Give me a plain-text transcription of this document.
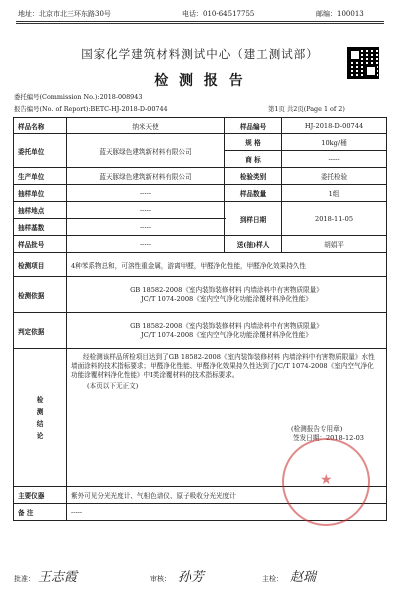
地址：北京市北三环东路30号	电话：010-64517755	邮编：100013
国家化学建筑材料测试中心（建工测试部）
检 测 报 告
委托编号(Commission No.):2018-008943
报告编号(No. of Report):BETC-HJ-2018-D-00744	第1页 共2页(Page 1 of 2)
样品名称	纳米天使	样品编号	HJ-2018-D-00744
委托单位	蓝天豚绿色建筑新材料有限公司	规 格	10kg/桶
		商 标	-----
生产单位	蓝天豚绿色建筑新材料有限公司	检验类别	委托检验
抽样单位	-----	样品数量	1组
抽样地点	-----	到样日期	2018-11-05
抽样基数	-----		
样品批号	-----	送(抽)样人	胡娟平
检测项目	4种苯系物总和，可溶性重金属，游离甲醛，甲醛净化性能，甲醛净化效果持久性		
检测依据	GB 18582-2008《室内装饰装修材料 内墙涂料中有害物质限量》
JC/T 1074-2008《室内空气净化功能涂覆材料净化性能》		

判定依据	GB 18582-2008《室内装饰装修材料 内墙涂料中有害物质限量》
JC/T 1074-2008《室内空气净化功能涂覆材料净化性能》		

检测结论	经检测该样品所检项目达到了GB 18582-2008《室内装饰装修材料 内墙涂料中有害物质限量》水性墙面涂料的技术指标要求；甲醛净化性能、甲醛净化效果持久性达到了JC/T 1074-2008《室内空气净化功能涂覆材料净化性能》中Ⅰ类涂覆材料的技术指标要求。
(本页以下无正文)
(检测报告专用章)
签发日期：2018-12-03		

主要仪器	紫外可见分光光度计、气相色谱仪、原子吸收分光光度计		
备 注	-----		
★
批准： 王志霞	审核： 孙芳	主检： 赵瑞
